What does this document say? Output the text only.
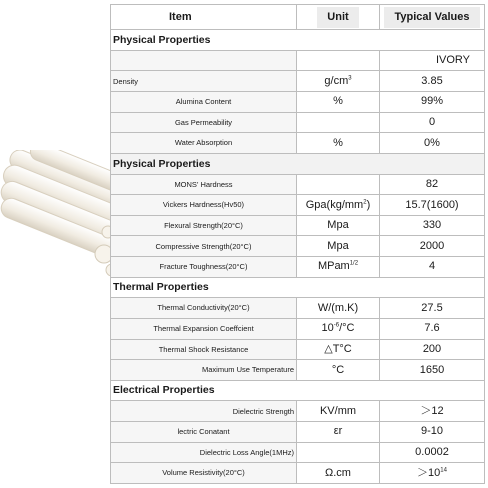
Item	Unit	Typical Values
Physical Properties		

		IVORY

Density	$g/cm^3$	3.85

Alumina Content	%	99%

Gas Permeability		0

Water Absorption	%	0%
Physical Properties		

MONS' Hardness		82

Vickers Hardness(Hv50)	$Gpa(kg/mm^2)$	15.7(1600)

Flexural Strength(20°C)	Mpa	330

Compressive Strength(20°C)	Mpa	2000

Fracture Toughness(20°C)	MPam$^{1/2}$	4
Thermal Properties		

Thermal Conductivity(20°C)	W/(m.K)	27.5

Thermal Expansion Coeffcient	$10^{-6}/^\circ C$	7.6

Thermal Shock Resistance	△T°C	200

Maximum Use Temperature	°C	1650
Electrical Properties		

Dielectric Strength	KV/mm	＞12

lectric Conatant	εr	9-10

Dielectric Loss Angle(1MHz)		0.0002

Volume Resistivity(20°C)	Ω.cm	$>10^{14}$
